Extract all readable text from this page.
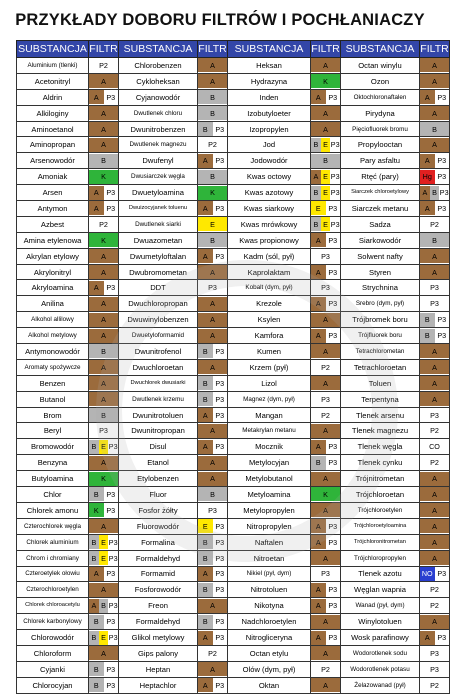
PRZYKŁADY DOBORU FILTRÓW I POCHŁANIACZY
SUBSTANCJA	FILTR	SUBSTANCJA	FILTR	SUBSTANCJA	FILTR	SUBSTANCJA	FILTR
Aluminium (tlenki)	P2	Chlorobenzen	A	Heksan	A	Octan winylu	A

Acetonitryl	A	Cykloheksan	A	Hydrazyna	K	Ozon	A

Aldrin	A P3	Cyjanowodór	B	Inden	A P3	Oktochloronaftalen	A P3

Alkiloginy	A	Dwutlenek chloru	B	Izobutyloeter	A	Pirydyna	A

Aminoetanol	A	Dwunitrobenzen	B P3	Izopropylen	A	Pięciofluorek bromu	B

Aminopropan	A	Dwutlenek magnezu	P2	Jod	B E P3	Propylooctan	A

Arsenowodór	B	Dwufenyl	A P3	Jodowodór	B	Pary asfaltu	A P3

Amoniak	K	Dwusiarczek węgla	B	Kwas octowy	A E P3	Rtęć (pary)	Hg P3

Arsen	A P3	Dwuetyloamina	K	Kwas azotowy	B E P3	Siarczek chloroetylowy	A B P3

Antymon	A P3	Dwuizocyjanek toluenu	A P3	Kwas siarkowy	E P3	Siarczek metanu	A P3

Azbest	P2	Dwutlenek siarki	E	Kwas mrówkowy	B E P3	Sadza	P2

Amina etylenowa	K	Dwuazometan	B	Kwas propionowy	A P3	Siarkowodór	B

Akrylan etylowy	A	Dwumetyloftalan	A P3	Kadm (sól, pył)	P3	Solwent nafty	A

Akrylonitryl	A	Dwubromometan	A	Kaprolaktam	A P3	Styren	A

Akryloamina	A P3	DDT	P3	Kobalt (dym, pył)	P3	Strychnina	P3

Anilina	A	Dwuchloropropan	A	Krezole	A P3	Srebro (dym, pył)	P3

Alkohol allilowy	A	Dwuwinylobenzen	A	Ksylen	A	Trójbromek boru	B P3

Alkohol metylowy	A	Dwuetyloformamid	A	Kamfora	A P3	Trójfluorek boru	B P3

Antymonowodór	B	Dwunitrofenol	B P3	Kumen	A	Tetrachlorometan	A

Aromaty spożywcze	A	Dwuchloroetan	A	Krzem (pył)	P2	Tetrachloroetan	A

Benzen	A	Dwuchlorek dwusiarki	B P3	Lizol	A	Toluen	A

Butanol	A	Dwutlenek krzemu	B P3	Magnez (dym, pył)	P3	Terpentyna	A

Brom	B	Dwunitrotoluen	A P3	Mangan	P2	Tlenek arsenu	P3

Beryl	P3	Dwunitropropan	A	Metakrylan metanu	A	Tlenek magnezu	P2

Bromowodór	B E P3	Disul	A P3	Mocznik	A P3	Tlenek węgla	CO

Benzyna	A	Etanol	A	Metylocyjan	B P3	Tlenek cynku	P2

Butyloamina	K	Etylobenzen	A	Metylobutanol	A	Trójnitrometan	A

Chlor	B P3	Fluor	B	Metyloamina	K	Trójchloroetan	A

Chlorek amonu	K P3	Fosfor żółty	P3	Metylopropylen	A	Trójchloroetylen	A

Czterochlorek węgla	A	Fluorowodór	E P3	Nitropropylen	A P3	Trójchloroetyloamina	A

Chlorek aluminium	B E P3	Formalina	B P3	Naftalen	A P3	Trójchloronitrometan	A

Chrom i chromiany	B E P3	Formaldehyd	B P3	Nitroetan	A	Trójchloropropylen	A

Czteroetylek ołowiu	A P3	Formamid	A P3	Nikiel (pył, dym)	P3	Tlenek azotu	NO P3

Czterochloroetylen	A	Fosforowodór	B P3	Nitrotoluen	A P3	Węglan wapnia	P2

Chlorek chloroacetylu	A B P3	Freon	A	Nikotyna	A P3	Wanad (pył, dym)	P2

Chlorek karbonylowy	B P3	Formaldehyd	B P3	Nadchloroetylen	A	Winylotoluen	A

Chlorowodór	B E P3	Glikol metylowy	A P3	Nitrogliceryna	A P3	Wosk parafinowy	A P3

Chloroform	A	Gips palony	P2	Octan etylu	A	Wodorotlenek sodu	P3

Cyjanki	B P3	Heptan	A	Olów (dym, pył)	P2	Wodorotlenek potasu	P3

Chlorocyjan	B P3	Heptachlor	A P3	Oktan	A	Żelazowanad (pył)	P2
